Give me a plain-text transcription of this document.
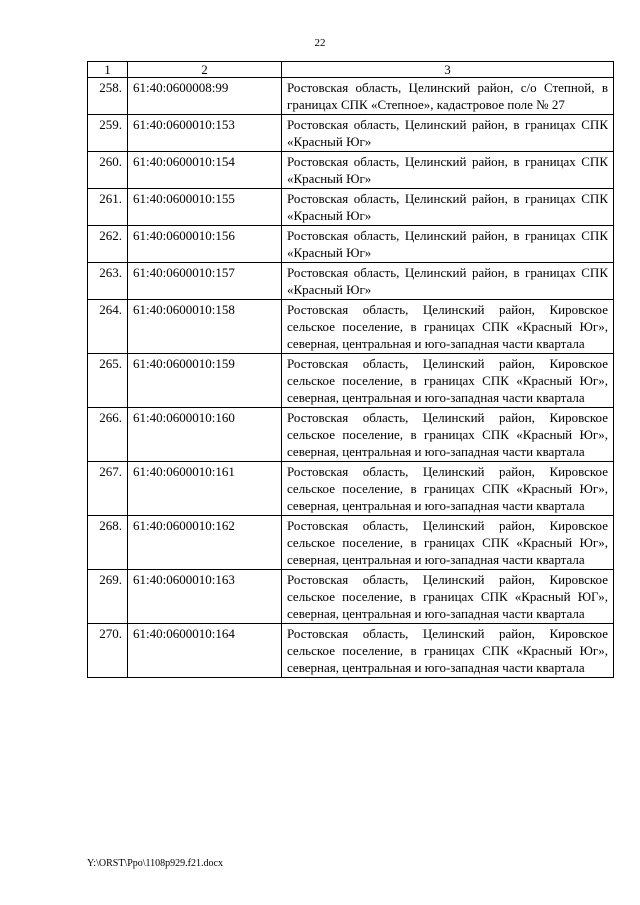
22
1	2	3
258.	61:40:0600008:99	Ростовская область, Целинский район, с/о Степной, в границах СПК «Степное», кадастровое поле № 27
259.	61:40:0600010:153	Ростовская область, Целинский район, в границах СПК «Красный Юг»
260.	61:40:0600010:154	Ростовская область, Целинский район, в границах СПК «Красный Юг»
261.	61:40:0600010:155	Ростовская область, Целинский район, в границах СПК «Красный Юг»
262.	61:40:0600010:156	Ростовская область, Целинский район, в границах СПК «Красный Юг»
263.	61:40:0600010:157	Ростовская область, Целинский район, в границах СПК «Красный Юг»
264.	61:40:0600010:158	Ростовская область, Целинский район, Кировское сельское поселение, в границах СПК «Красный Юг», северная, центральная и юго-западная части квартала
265.	61:40:0600010:159	Ростовская область, Целинский район, Кировское сельское поселение, в границах СПК «Красный Юг», северная, центральная и юго-западная части квартала
266.	61:40:0600010:160	Ростовская область, Целинский район, Кировское сельское поселение, в границах СПК «Красный Юг», северная, центральная и юго-западная части квартала
267.	61:40:0600010:161	Ростовская область, Целинский район, Кировское сельское поселение, в границах СПК «Красный Юг», северная, центральная и юго-западная части квартала
268.	61:40:0600010:162	Ростовская область, Целинский район, Кировское сельское поселение, в границах СПК «Красный Юг», северная, центральная и юго-западная части квартала
269.	61:40:0600010:163	Ростовская область, Целинский район, Кировское сельское поселение, в границах СПК «Красный ЮГ», северная, центральная и юго-западная части квартала
270.	61:40:0600010:164	Ростовская область, Целинский район, Кировское сельское поселение, в границах СПК «Красный Юг», северная, центральная и юго-западная части квартала
Y:\ORST\Ppo\1108p929.f21.docx
